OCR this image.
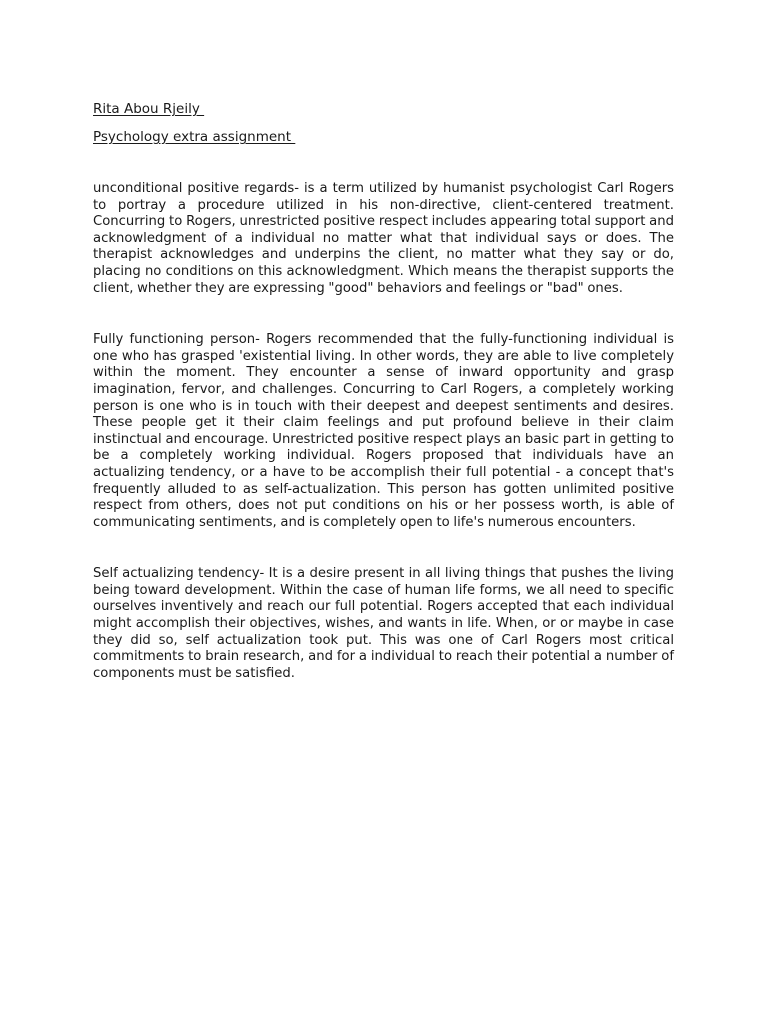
Rita Abou Rjeily

Psychology extra assignment

unconditional positive regards- is a term utilized by humanist psychologist Carl Rogers to portray a procedure utilized in his non-directive, client-centered treatment. Concurring to Rogers, unrestricted positive respect includes appearing total support and acknowledgment of a individual no matter what that individual says or does. The therapist acknowledges and underpins the client, no matter what they say or do, placing no conditions on this acknowledgment. Which means the therapist supports the client, whether they are expressing "good" behaviors and feelings or "bad" ones.

Fully functioning person- Rogers recommended that the fully-functioning individual is one who has grasped 'existential living. In other words, they are able to live completely within the moment. They encounter a sense of inward opportunity and grasp imagination, fervor, and challenges. Concurring to Carl Rogers, a completely working person is one who is in touch with their deepest and deepest sentiments and desires. These people get it their claim feelings and put profound believe in their claim instinctual and encourage. Unrestricted positive respect plays an basic part in getting to be a completely working individual. Rogers proposed that individuals have an actualizing tendency, or a have to be accomplish their full potential - a concept that's frequently alluded to as self-actualization. This person has gotten unlimited positive respect from others, does not put conditions on his or her possess worth, is able of communicating sentiments, and is completely open to life's numerous encounters.

Self actualizing tendency- It is a desire present in all living things that pushes the living being toward development. Within the case of human life forms, we all need to specific ourselves inventively and reach our full potential. Rogers accepted that each individual might accomplish their objectives, wishes, and wants in life. When, or or maybe in case they did so, self actualization took put. This was one of Carl Rogers most critical commitments to brain research, and for a individual to reach their potential a number of components must be satisfied.
